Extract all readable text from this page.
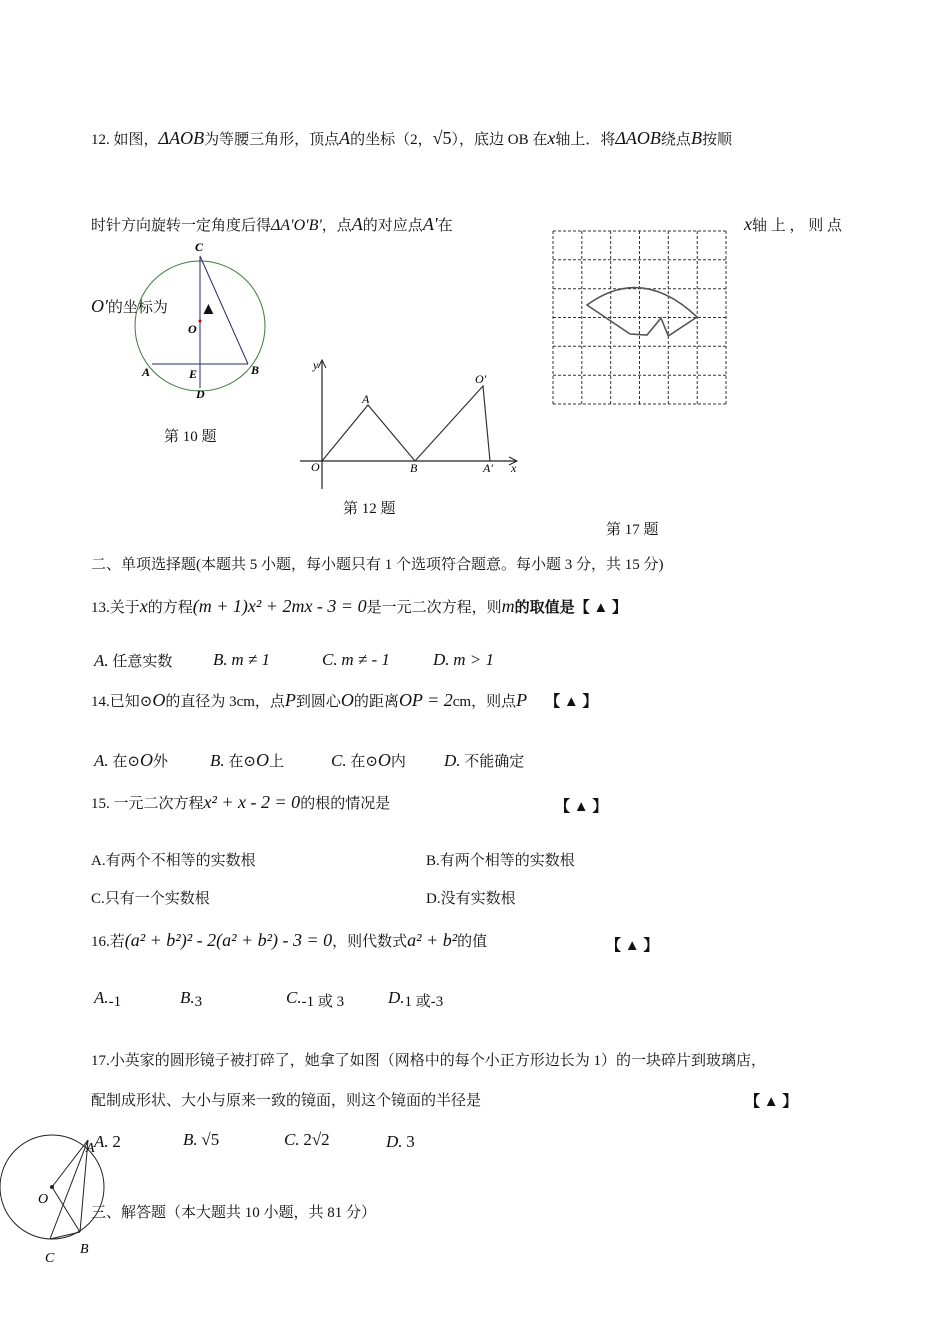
12. 如图，ΔAOB为等腰三角形，顶点A的坐标（2，√5），底边 OB 在x轴上．将ΔAOB绕点B按顺
时针方向旋转一定角度后得ΔA'O'B'，点A的对应点A'在	x轴 上 ， 则 点
O'的坐标为 ▲
C
O
A	E	B
D
第 10 题
y
A
O′
O	B	A′ x
第 12 题
第 17 题
二、单项选择题(本题共 5 小题，每小题只有 1 个选项符合题意。每小题 3 分，共 15 分)
13.关于x的方程(m + 1)x² + 2mx - 3 = 0是一元二次方程，则m的取值是【 ▲ 】
A. 任意实数 B. m ≠ 1	C. m ≠ - 1	D. m > 1
14.已知⊙O的直径为 3cm，点P到圆心O的距离OP = 2cm，则点P 【 ▲ 】
A. 在⊙O外 B. 在⊙O上	C. 在⊙O内 D. 不能确定
15. 一元二次方程x² + x - 2 = 0的根的情况是	【 ▲ 】
A.有两个不相等的实数根	B.有两个相等的实数根
C.只有一个实数根	D.没有实数根
16.若(a² + b²)² - 2(a² + b²) - 3 = 0，则代数式a² + b²的值	【 ▲ 】
A.-1	B.3	C.-1 或 3	D.1 或-3
17.小英家的圆形镜子被打碎了，她拿了如图（网格中的每个小正方形边长为 1）的一块碎片到玻璃店，
配制成形状、大小与原来一致的镜面，则这个镜面的半径是	【 ▲ 】
A. 2	B. √5	C. 2√2	D. 3
A
O
C
B
三、解答题（本大题共 10 小题，共 81 分）
